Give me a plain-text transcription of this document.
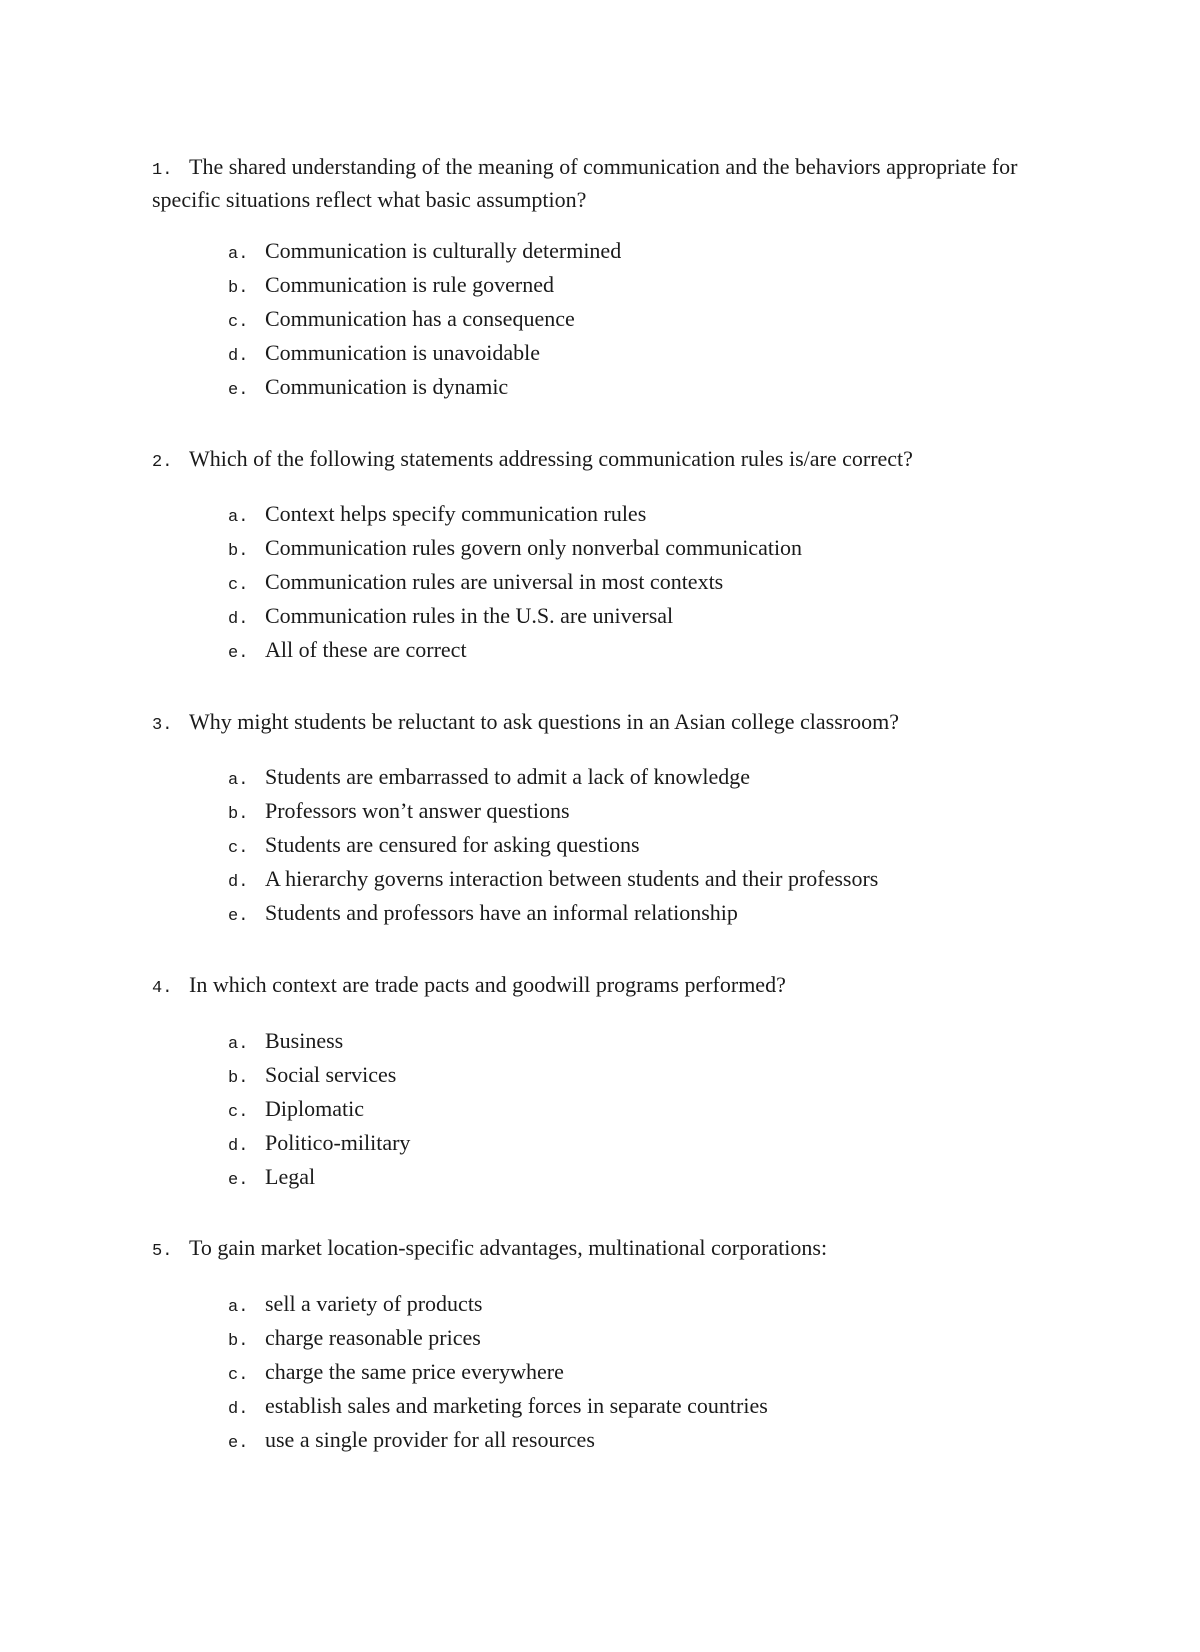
1. The shared understanding of the meaning of communication and the behaviors appropriate for specific situations reflect what basic assumption?

a. Communication is culturally determined
b. Communication is rule governed
c. Communication has a consequence
d. Communication is unavoidable
e. Communication is dynamic

2. Which of the following statements addressing communication rules is/are correct?

a. Context helps specify communication rules
b. Communication rules govern only nonverbal communication
c. Communication rules are universal in most contexts
d. Communication rules in the U.S. are universal
e. All of these are correct

3. Why might students be reluctant to ask questions in an Asian college classroom?

a. Students are embarrassed to admit a lack of knowledge
b. Professors won’t answer questions
c. Students are censured for asking questions
d. A hierarchy governs interaction between students and their professors
e. Students and professors have an informal relationship

4. In which context are trade pacts and goodwill programs performed?

a. Business
b. Social services
c. Diplomatic
d. Politico-military
e. Legal

5. To gain market location-specific advantages, multinational corporations:

a. sell a variety of products
b. charge reasonable prices
c. charge the same price everywhere
d. establish sales and marketing forces in separate countries
e. use a single provider for all resources
